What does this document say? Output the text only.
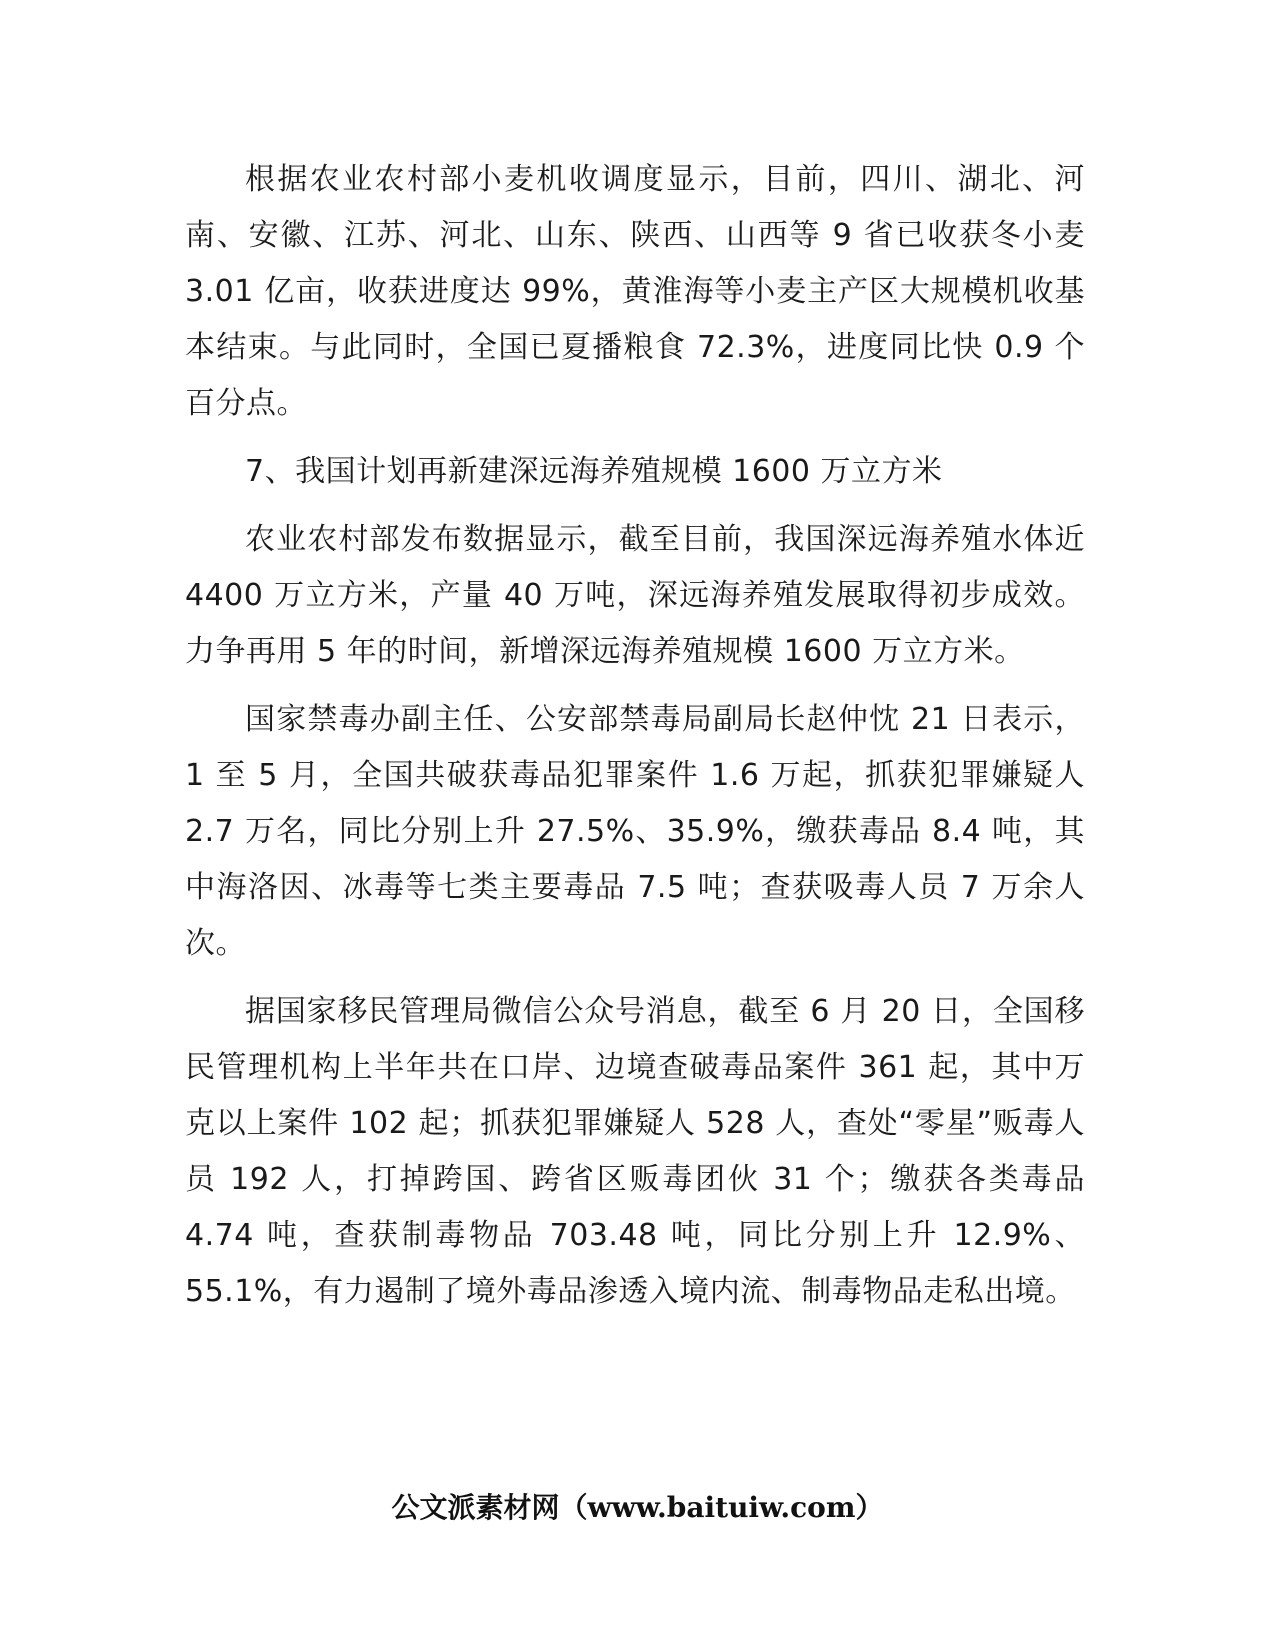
根据农业农村部小麦机收调度显示，目前，四川、湖北、河南、安徽、江苏、河北、山东、陕西、山西等 9 省已收获冬小麦 3.01 亿亩，收获进度达 99%，黄淮海等小麦主产区大规模机收基本结束。与此同时，全国已夏播粮食 72.3%，进度同比快 0.9 个百分点。

7、我国计划再新建深远海养殖规模 1600 万立方米

农业农村部发布数据显示，截至目前，我国深远海养殖水体近 4400 万立方米，产量 40 万吨，深远海养殖发展取得初步成效。力争再用 5 年的时间，新增深远海养殖规模 1600 万立方米。

国家禁毒办副主任、公安部禁毒局副局长赵仲忱 21 日表示，1 至 5 月，全国共破获毒品犯罪案件 1.6 万起，抓获犯罪嫌疑人 2.7 万名，同比分别上升 27.5%、35.9%，缴获毒品 8.4 吨，其中海洛因、冰毒等七类主要毒品 7.5 吨；查获吸毒人员 7 万余人次。

据国家移民管理局微信公众号消息，截至 6 月 20 日，全国移民管理机构上半年共在口岸、边境查破毒品案件 361 起，其中万克以上案件 102 起；抓获犯罪嫌疑人 528 人，查处“零星”贩毒人员 192 人，打掉跨国、跨省区贩毒团伙 31 个；缴获各类毒品 4.74 吨，查获制毒物品 703.48 吨，同比分别上升 12.9%、55.1%，有力遏制了境外毒品渗透入境内流、制毒物品走私出境。

公文派素材网（www.baituiw.com）
